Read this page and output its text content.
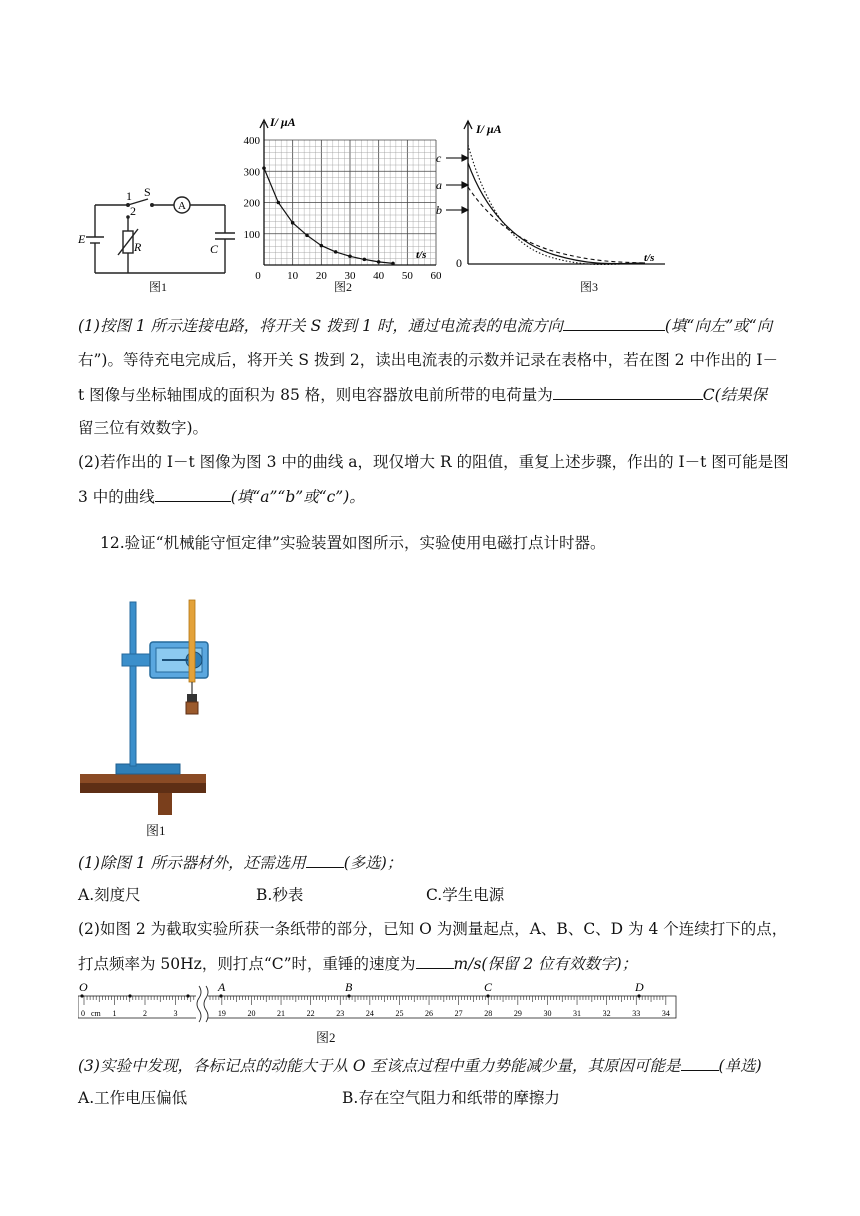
1
2
S
A
E
R	C
图1
400
300
200
100
0 10 20 30 40 50 60
I/ μA
t/s
图2
c
a
b
I/ μA
t/s
0
图3
(1)按图 1 所示连接电路，将开关 S 拨到 1 时，通过电流表的电流方向	(填“向左”或“向
右”)。等待充电完成后，将开关 S 拨到 2，读出电流表的示数并记录在表格中，若在图 2 中作出的 I－
t 图像与坐标轴围成的面积为 85 格，则电容器放电前所带的电荷量为	C(结果保
留三位有效数字)。
(2)若作出的 I－t 图像为图 3 中的曲线 a，现仅增大 R 的阻值，重复上述步骤，作出的 I－t 图可能是图
3 中的曲线	(填“a”“b”或“c”)。
12.验证“机械能守恒定律”实验装置如图所示，实验使用电磁打点计时器。
图1
(1)除图 1 所示器材外，还需选用 (多选)；
A.刻度尺	B.秒表	C.学生电源
(2)如图 2 为截取实验所获一条纸带的部分，已知 O 为测量起点，A、B、C、D 为 4 个连续打下的点，
打点频率为 50Hz，则打点“C”时，重锤的速度为 m/s(保留 2 位有效数字)；
0	1	2	3	19	20	21	22	23	24	25	26	27	28	29	30	31	32	33	34
O	A	B	C	D
cm
图2
(3)实验中发现，各标记点的动能大于从 O 至该点过程中重力势能减少量，其原因可能是 (单选)
A.工作电压偏低	B.存在空气阻力和纸带的摩擦力
